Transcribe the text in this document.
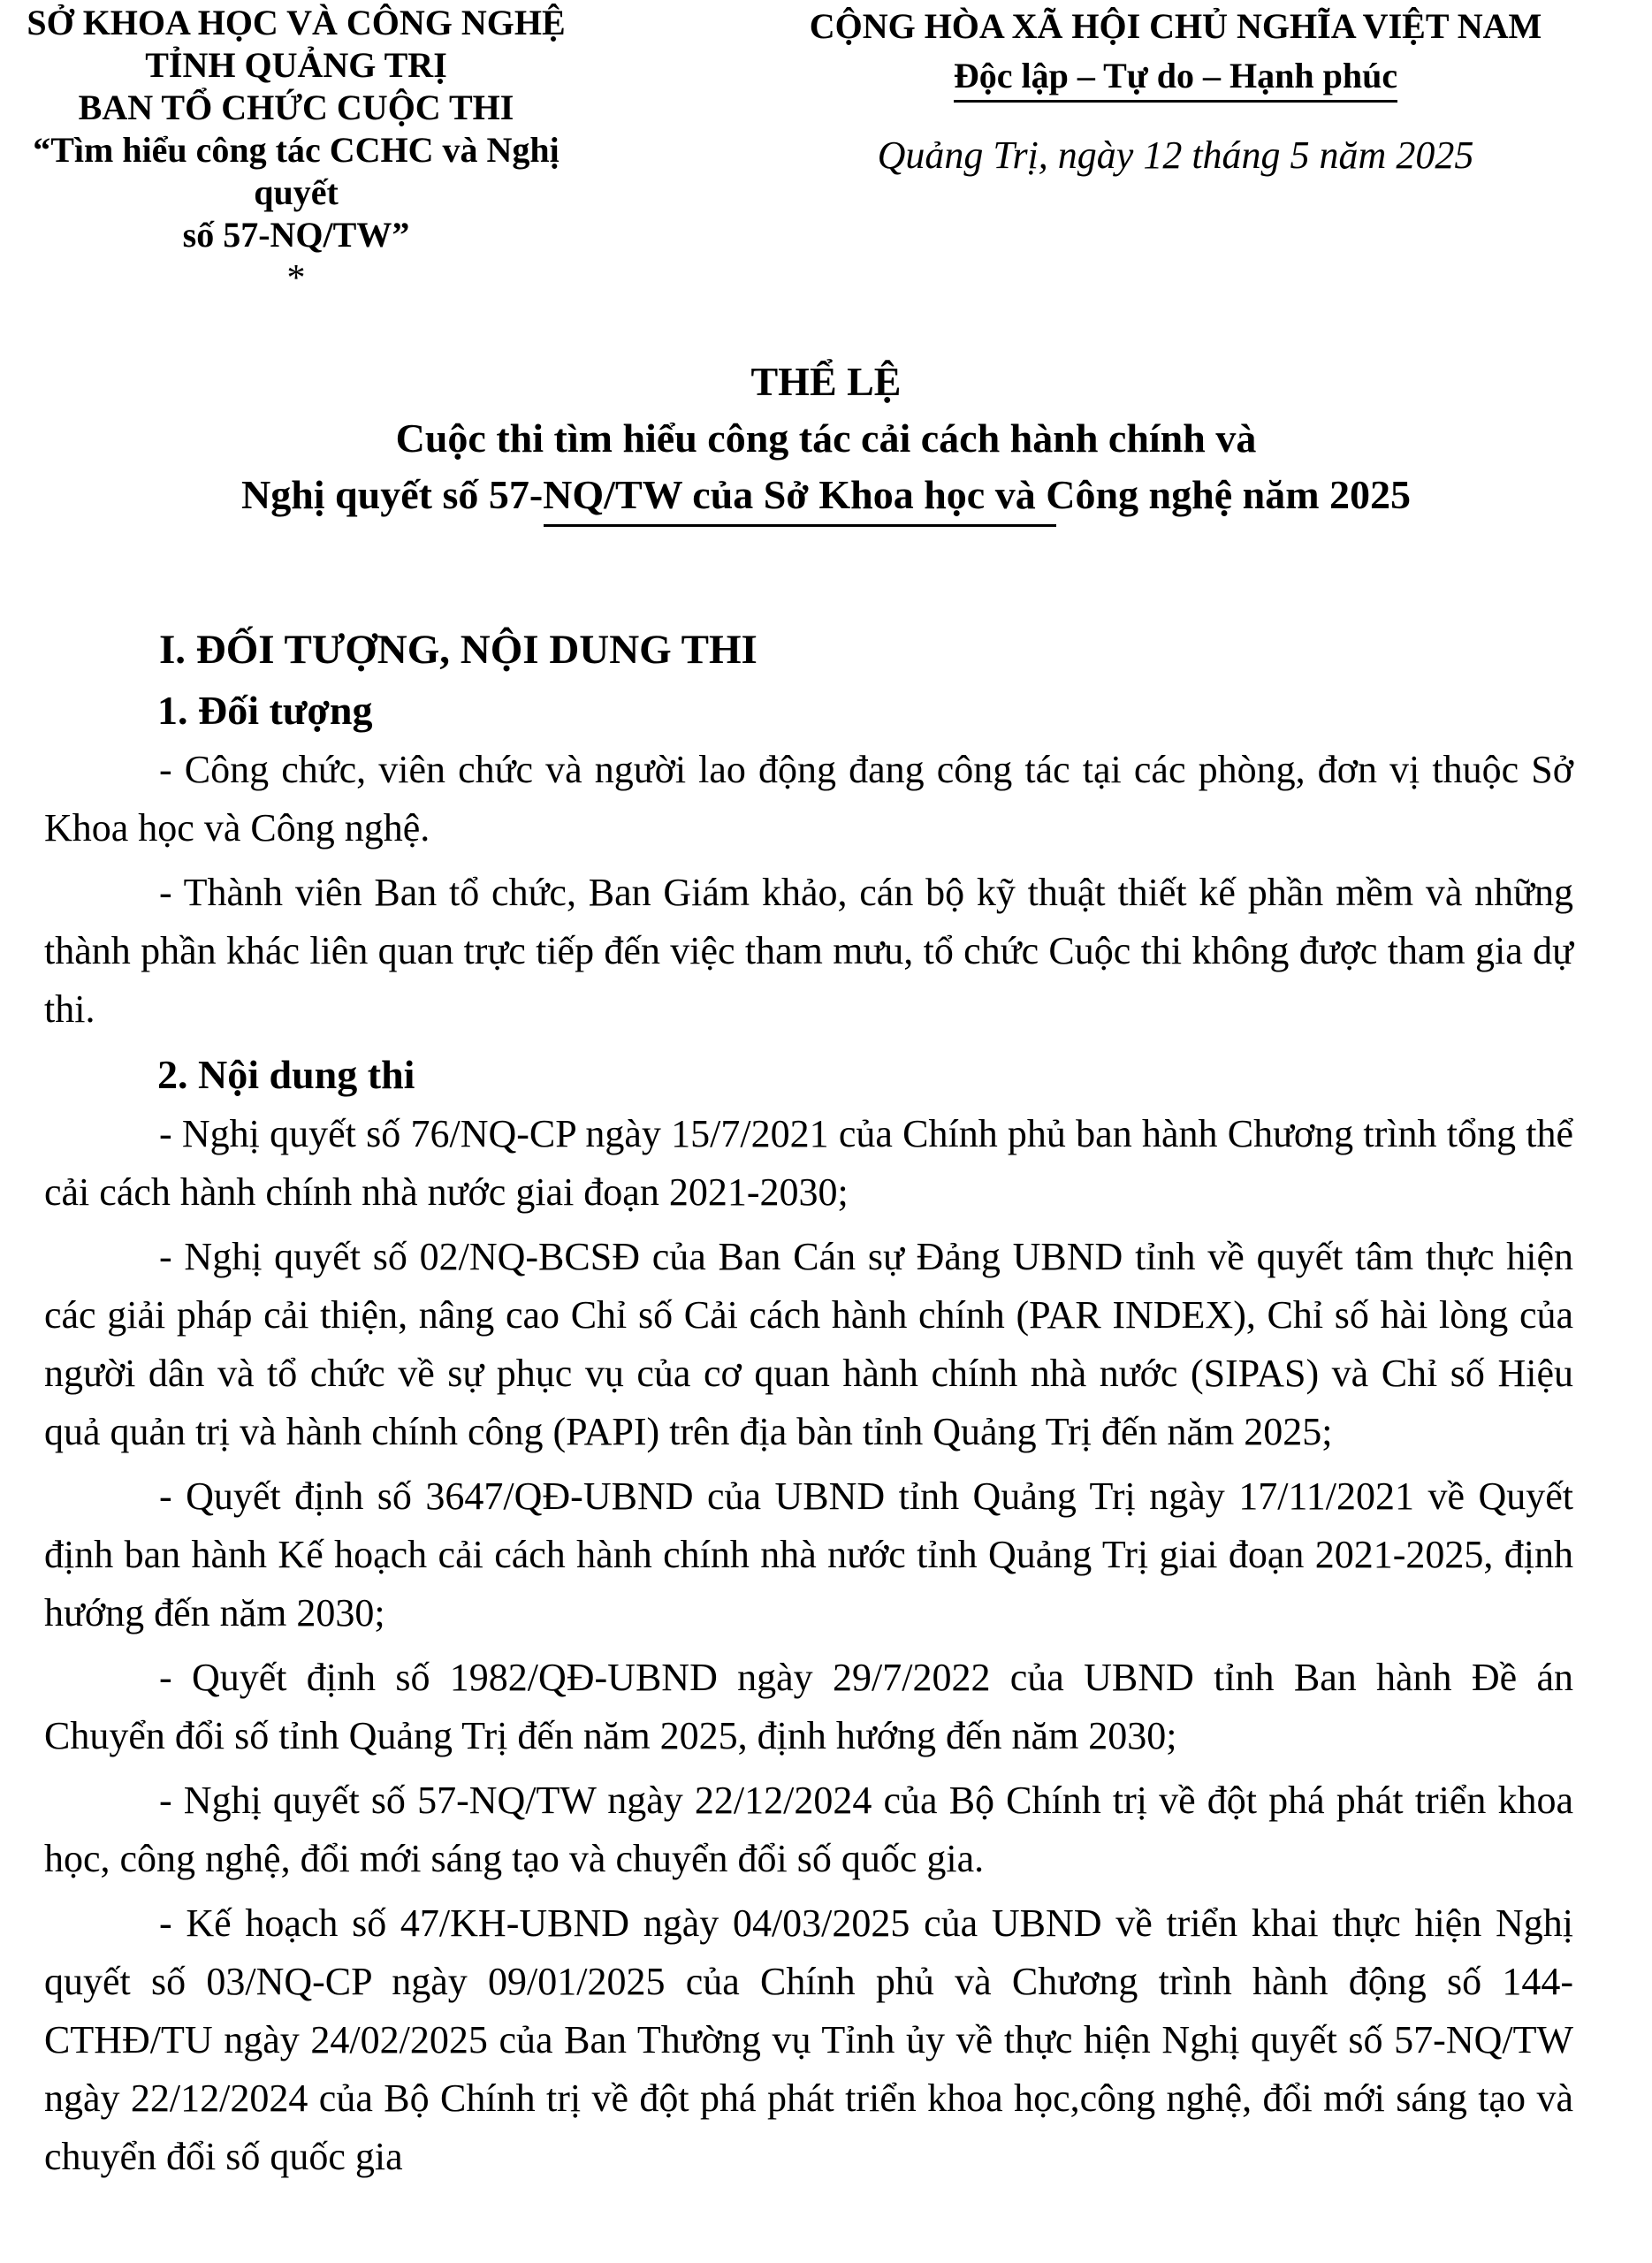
SỞ KHOA HỌC VÀ CÔNG NGHỆ
TỈNH QUẢNG TRỊ
BAN TỔ CHỨC CUỘC THI
“Tìm hiểu công tác CCHC và Nghị quyết
số 57-NQ/TW”
*
CỘNG HÒA XÃ HỘI CHỦ NGHĨA VIỆT NAM
Độc lập – Tự do – Hạnh phúc
Quảng Trị, ngày 12 tháng 5 năm 2025
THỂ LỆ
Cuộc thi tìm hiểu công tác cải cách hành chính và
Nghị quyết số 57-NQ/TW của Sở Khoa học và Công nghệ năm 2025
I. ĐỐI TƯỢNG, NỘI DUNG THI
1. Đối tượng

- Công chức, viên chức và người lao động đang công tác tại các phòng, đơn vị thuộc Sở Khoa học và Công nghệ.

- Thành viên Ban tổ chức, Ban Giám khảo, cán bộ kỹ thuật thiết kế phần mềm và những thành phần khác liên quan trực tiếp đến việc tham mưu, tổ chức Cuộc thi không được tham gia dự thi.

2. Nội dung thi

- Nghị quyết số 76/NQ-CP ngày 15/7/2021 của Chính phủ ban hành Chương trình tổng thể cải cách hành chính nhà nước giai đoạn 2021-2030;

- Nghị quyết số 02/NQ-BCSĐ của Ban Cán sự Đảng UBND tỉnh về quyết tâm thực hiện các giải pháp cải thiện, nâng cao Chỉ số Cải cách hành chính (PAR INDEX), Chỉ số hài lòng của người dân và tổ chức về sự phục vụ của cơ quan hành chính nhà nước (SIPAS) và Chỉ số Hiệu quả quản trị và hành chính công (PAPI) trên địa bàn tỉnh Quảng Trị đến năm 2025;

- Quyết định số 3647/QĐ-UBND của UBND tỉnh Quảng Trị ngày 17/11/2021 về Quyết định ban hành Kế hoạch cải cách hành chính nhà nước tỉnh Quảng Trị giai đoạn 2021-2025, định hướng đến năm 2030;

- Quyết định số 1982/QĐ-UBND ngày 29/7/2022 của UBND tỉnh Ban hành Đề án Chuyển đổi số tỉnh Quảng Trị đến năm 2025, định hướng đến năm 2030;

- Nghị quyết số 57-NQ/TW ngày 22/12/2024 của Bộ Chính trị về đột phá phát triển khoa học, công nghệ, đổi mới sáng tạo và chuyển đổi số quốc gia.

- Kế hoạch số 47/KH-UBND ngày 04/03/2025 của UBND về triển khai thực hiện Nghị quyết số 03/NQ-CP ngày 09/01/2025 của Chính phủ và Chương trình hành động số 144-CTHĐ/TU ngày 24/02/2025 của Ban Thường vụ Tỉnh ủy về thực hiện Nghị quyết số 57-NQ/TW ngày 22/12/2024 của Bộ Chính trị về đột phá phát triển khoa học,công nghệ, đổi mới sáng tạo và chuyển đổi số quốc gia
